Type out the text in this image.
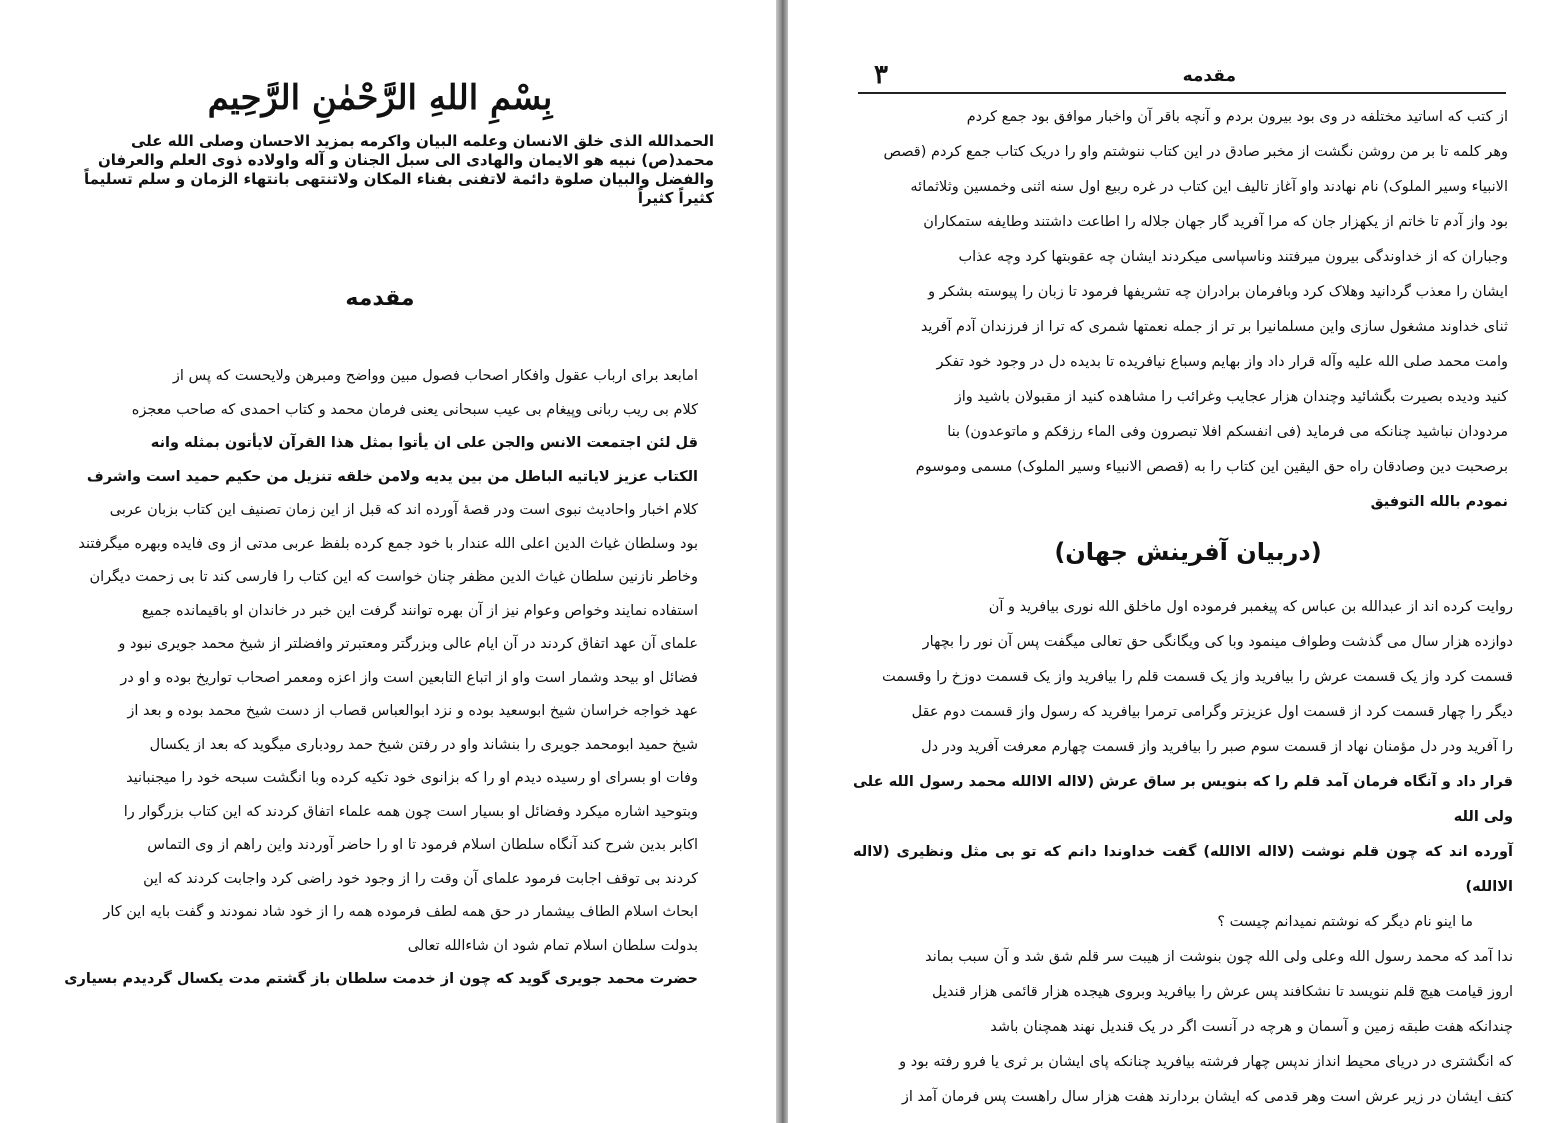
بِسْمِ اللهِ الرَّحْمٰنِ الرَّحِیم

الحمدالله الذی خلق الانسان وعلمه البیان واکرمه بمزید الاحسان وصلی الله علی

محمد(ص) نبیه هو الایمان والهادی الی سبل الجنان و آله واولاده ذوی العلم والعرفان

والفضل والبیان صلوة دائمة لاتفنی بفناء المکان ولاتنتهی بانتهاء الزمان و سلم تسلیماً

کثیراً کثیراً

مقدمه

امابعد برای ارباب عقول وافکار اصحاب فصول مبین وواضح ومبرهن ولایحست که پس از

کلام بی ریب ربانی وپیغام بی عیب سبحانی یعنی فرمان محمد و کتاب احمدی که صاحب معجزه

قل لئن اجتمعت الانس والجن علی ان یأتوا بمثل هذا القرآن لایأتون بمثله وانه

الکتاب عزیز لایاتیه الباطل من بین یدیه ولامن خلقه تنزیل من حکیم حمید است واشرف

کلام اخبار واحادیث نبوی است ودر قصهٔ آورده اند که قبل از این زمان تصنیف این کتاب بزبان عربی

بود وسلطان غیاث الدین اعلی الله عندار با خود جمع کرده بلفظ عربی مدتی از وی فایده وبهره میگرفتند

وخاطر نازنین سلطان غیاث الدین مظفر چنان خواست که این کتاب را فارسی کند تا بی زحمت دیگران

استفاده نمایند وخواص وعوام نیز از آن بهره توانند گرفت این خبر در خاندان او باقیمانده جمیع

علمای آن عهد اتفاق کردند در آن ایام عالی وبزرگتر ومعتبرتر وافضلتر از شیخ محمد جویری نبود و

فضائل او بیحد وشمار است واو از اتباع التابعین است واز اعزه ومعمر اصحاب تواریخ بوده و او در

عهد خواجه خراسان شیخ ابوسعید بوده و نزد ابوالعباس قصاب از دست شیخ محمد بوده و بعد از

شیخ حمید ابومحمد جویری را بنشاند واو در رفتن شیخ حمد رودباری میگوید که بعد از یکسال

وفات او بسرای او رسیده دیدم او را که بزانوی خود تکیه کرده وبا انگشت سبحه خود را میجنبانید

وبتوحید اشاره میکرد وفضائل او بسیار است چون همه علماء اتفاق کردند که این کتاب بزرگوار را

اکابر بدین شرح کند آنگاه سلطان اسلام فرمود تا او را حاضر آوردند واین راهم از وی التماس

کردند بی توقف اجابت فرمود علمای آن وقت را از وجود خود راضی کرد واجابت کردند که این

ابحاث اسلام الطاف بیشمار در حق همه لطف فرموده همه را از خود شاد نمودند و گفت بایه این کار

بدولت سلطان اسلام تمام شود ان شاءالله تعالی

حضرت محمد جویری گوید که چون از خدمت سلطان باز گشتم مدت یکسال گردیدم بسیاری

مقدمه
۳

از کتب که اساتید مختلفه در وی بود بیرون بردم و آنچه باقر آن واخبار موافق بود جمع کردم

وهر کلمه تا بر من روشن نگشت از مخبر صادق در این کتاب ننوشتم واو را دریک کتاب جمع کردم (قصص

الانبیاء وسیر الملوک) نام نهادند واو آغاز تالیف این کتاب در غره ربیع اول سنه اثنی وخمسین وثلاثمائه

بود واز آدم تا خاتم از یکهزار جان که مرا آفرید گار جهان جلاله را اطاعت داشتند وطایفه ستمکاران

وجباران که از خداوندگی بیرون میرفتند وناسپاسی میکردند ایشان چه عقوبتها کرد وچه عذاب

ایشان را معذب گردانید وهلاک کرد وبافرمان برادران چه تشریفها فرمود تا زبان را پیوسته بشکر و

ثنای خداوند مشغول سازی واین مسلمانیرا بر تر از جمله نعمتها شمری که ترا از فرزندان آدم آفرید

وامت محمد صلی الله علیه وآله قرار داد واز بهایم وسباع نیافریده تا بدیده دل در وجود خود تفکر

کنید ودیده بصیرت بگشائید وچندان هزار عجایب وغرائب را مشاهده کنید از مقبولان باشید واز

مردودان نباشید چنانکه می فرماید (فی انفسکم افلا تبصرون وفی الماء رزقکم و ماتوعدون) بنا

برصحبت دین وصادقان راه حق الیقین این کتاب را به (قصص الانبیاء وسیر الملوک) مسمی وموسوم

نمودم بالله التوفیق

(دربیان آفرینش جهان)

روایت کرده اند از عبدالله بن عباس که پیغمبر فرموده اول ماخلق الله نوری بیافرید و آن

دوازده هزار سال می گذشت وطواف مینمود وبا کی ویگانگی حق تعالی میگفت پس آن نور را بچهار

قسمت کرد واز یک قسمت عرش را بیافرید واز یک قسمت قلم را بیافرید واز یک قسمت دوزخ را وقسمت

دیگر را چهار قسمت کرد از قسمت اول عزیزتر وگرامی ترمرا بیافرید که رسول واز قسمت دوم عقل

را آفرید ودر دل مؤمنان نهاد از قسمت سوم صبر را بیافرید واز قسمت چهارم معرفت آفرید ودر دل

قرار داد و آنگاه فرمان آمد قلم را که بنویس بر ساق عرش (لااله الاالله محمد رسول الله علی ولی الله

آورده اند که چون قلم نوشت (لااله الاالله) گفت خداوندا دانم که تو بی مثل ونظیری (لااله الاالله)

ما اینو نام دیگر که نوشتم نمیدانم چیست ؟

ندا آمد که محمد رسول الله وعلی ولی الله چون بنوشت از هیبت سر قلم شق شد و آن سبب بماند

اروز قیامت هیچ قلم ننویسد تا نشکافند پس عرش را بیافرید وبروی هیجده هزار قائمی هزار قندیل

چندانکه هفت طبقه زمین و آسمان و هرچه در آنست اگر در یک قندیل نهند همچنان باشد

که انگشتری در دریای محیط انداز ندپس چهار فرشته بیافرید چنانکه پای ایشان بر ثری یا فرو رفته بود و

کتف ایشان در زیر عرش است وهر قدمی که ایشان بردارند هفت هزار سال راهست پس فرمان آمد از
